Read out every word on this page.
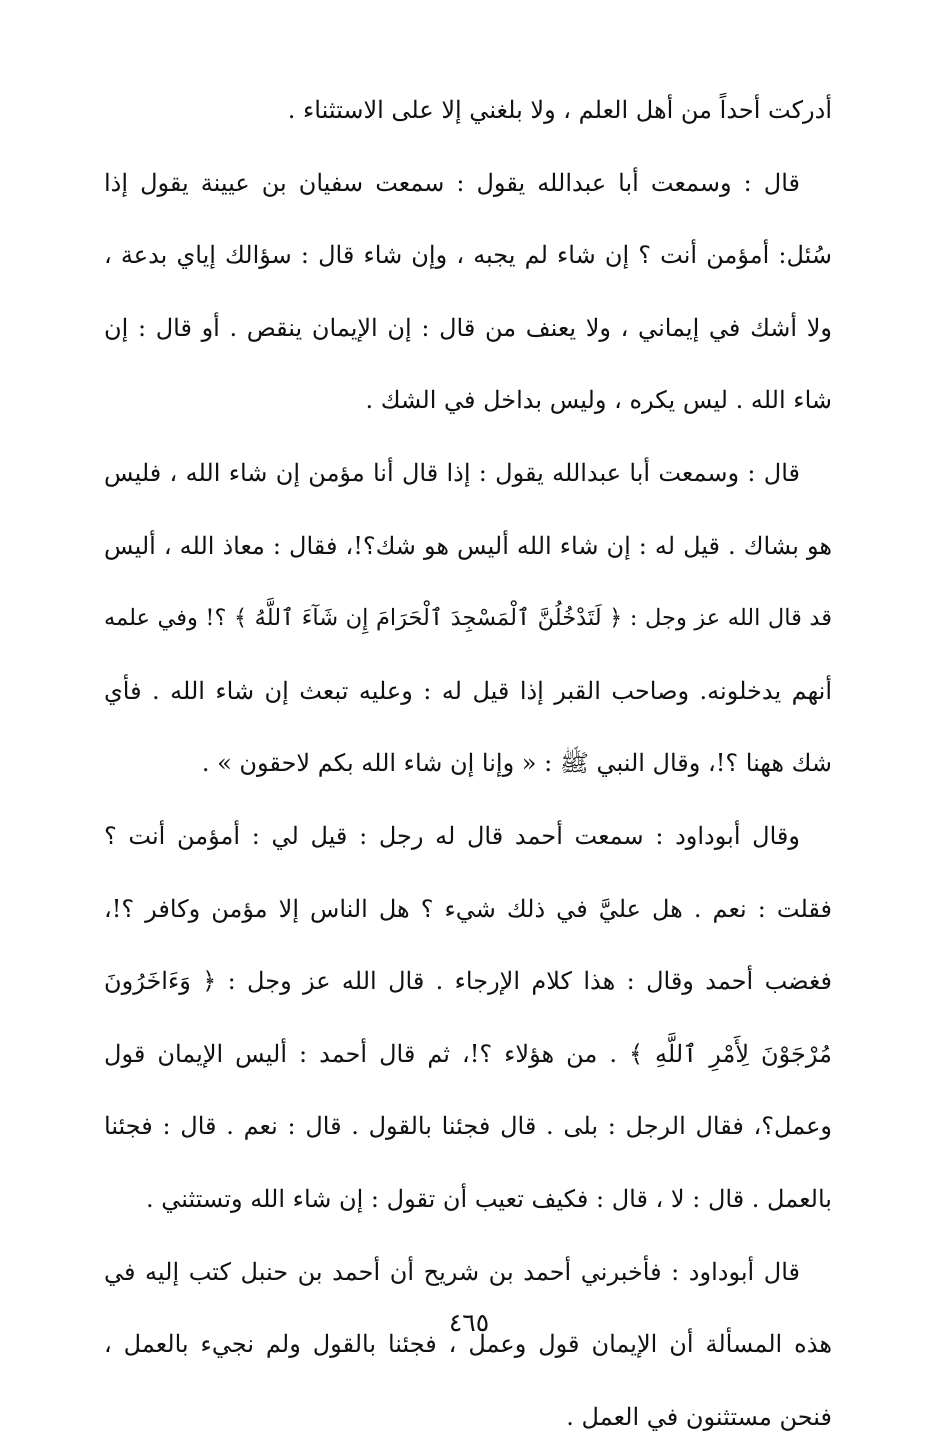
أدركت أحداً من أهل العلم ، ولا بلغني إلا على الاستثناء .
قال : وسمعت أبا عبدالله يقول : سمعت سفيان بن عيينة يقول إذا
سُئل: أمؤمن أنت ؟ إن شاء لم يجبه ، وإن شاء قال : سؤالك إياي بدعة ،
ولا أشك في إيماني ، ولا يعنف من قال : إن الإيمان ينقص . أو قال : إن
شاء الله . ليس يكره ، وليس بداخل في الشك .
قال : وسمعت أبا عبدالله يقول : إذا قال أنا مؤمن إن شاء الله ، فليس
هو بشاك . قيل له : إن شاء الله أليس هو شك؟!، فقال : معاذ الله ، أليس
قد قال الله عز وجل : ﴿ لَتَدْخُلُنَّ ٱلْمَسْجِدَ ٱلْحَرَامَ إِن شَآءَ ٱللَّهُ ﴾ ؟! وفي علمه
أنهم يدخلونه. وصاحب القبر إذا قيل له : وعليه تبعث إن شاء الله . فأي
شك ههنا ؟!، وقال النبي ﷺ : « وإنا إن شاء الله بكم لاحقون » .
وقال أبوداود : سمعت أحمد قال له رجل : قيل لي : أمؤمن أنت ؟
فقلت : نعم . هل عليَّ في ذلك شيء ؟ هل الناس إلا مؤمن وكافر ؟!،
فغضب أحمد وقال : هذا كلام الإرجاء . قال الله عز وجل : ﴿ وَءَاخَرُونَ
مُرْجَوْنَ لِأَمْرِ ٱللَّهِ ﴾ . من هؤلاء ؟!، ثم قال أحمد : أليس الإيمان قول
وعمل؟، فقال الرجل : بلى . قال فجئنا بالقول . قال : نعم . قال : فجئنا
بالعمل . قال : لا ، قال : فكيف تعيب أن تقول : إن شاء الله وتستثني .
قال أبوداود : فأخبرني أحمد بن شريح أن أحمد بن حنبل كتب إليه في
هذه المسألة أن الإيمان قول وعمل ، فجئنا بالقول ولم نجيء بالعمل ،
فنحن مستثنون في العمل .
٤٦٥
